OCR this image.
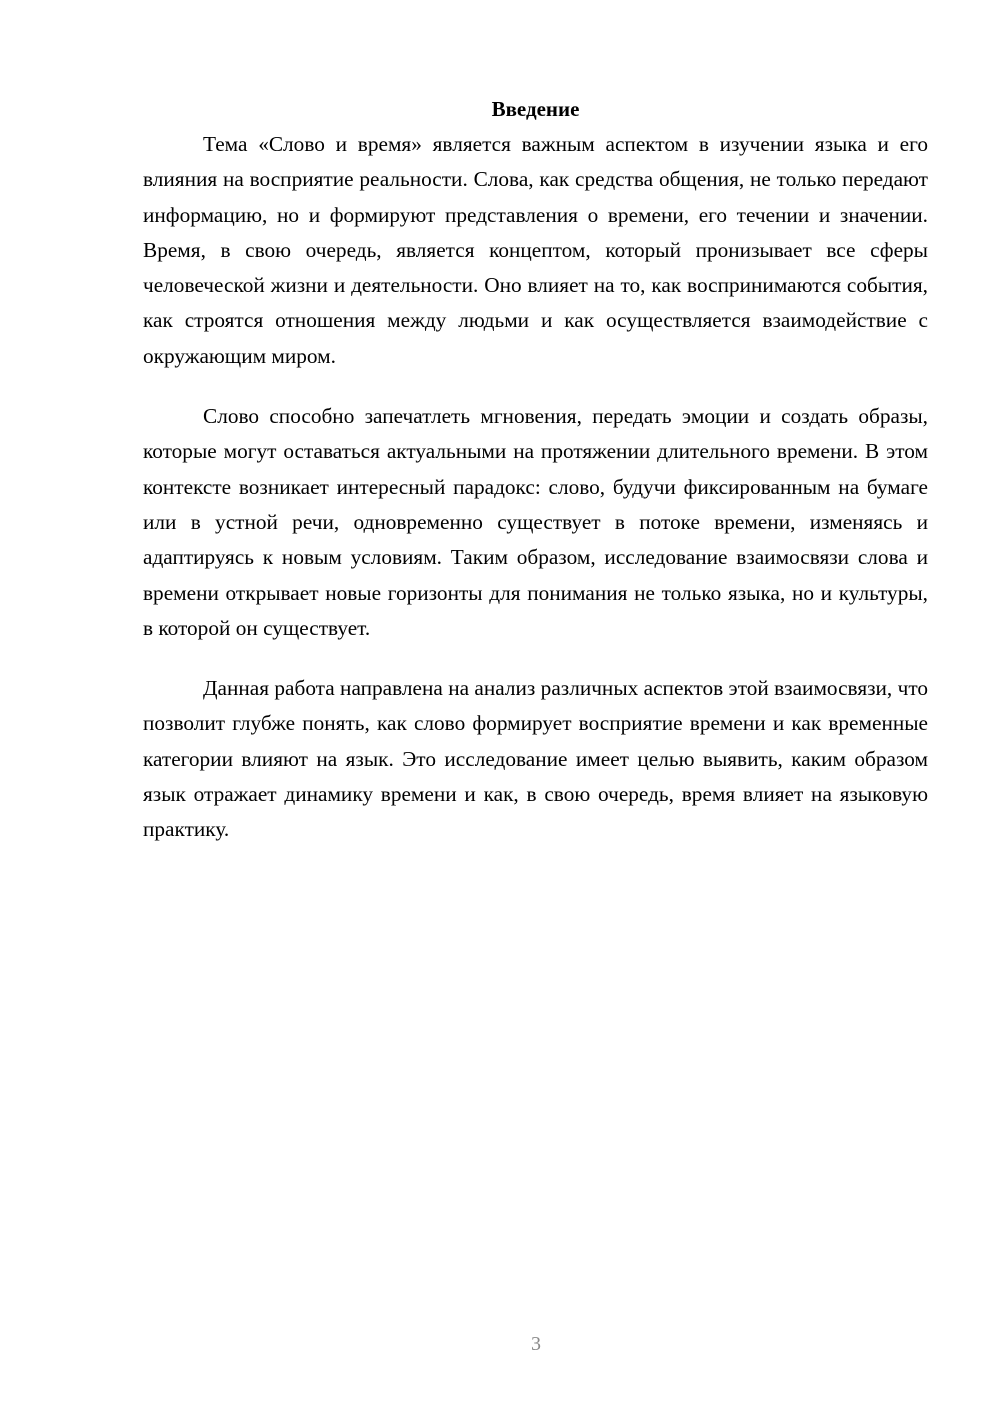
Введение

Тема «Слово и время» является важным аспектом в изучении языка и его влияния на восприятие реальности. Слова, как средства общения, не только передают информацию, но и формируют представления о времени, его течении и значении. Время, в свою очередь, является концептом, который пронизывает все сферы человеческой жизни и деятельности. Оно влияет на то, как воспринимаются события, как строятся отношения между людьми и как осуществляется взаимодействие с окружающим миром.

Слово способно запечатлеть мгновения, передать эмоции и создать образы, которые могут оставаться актуальными на протяжении длительного времени. В этом контексте возникает интересный парадокс: слово, будучи фиксированным на бумаге или в устной речи, одновременно существует в потоке времени, изменяясь и адаптируясь к новым условиям. Таким образом, исследование взаимосвязи слова и времени открывает новые горизонты для понимания не только языка, но и культуры, в которой он существует.

Данная работа направлена на анализ различных аспектов этой взаимосвязи, что позволит глубже понять, как слово формирует восприятие времени и как временные категории влияют на язык. Это исследование имеет целью выявить, каким образом язык отражает динамику времени и как, в свою очередь, время влияет на языковую практику.

3
